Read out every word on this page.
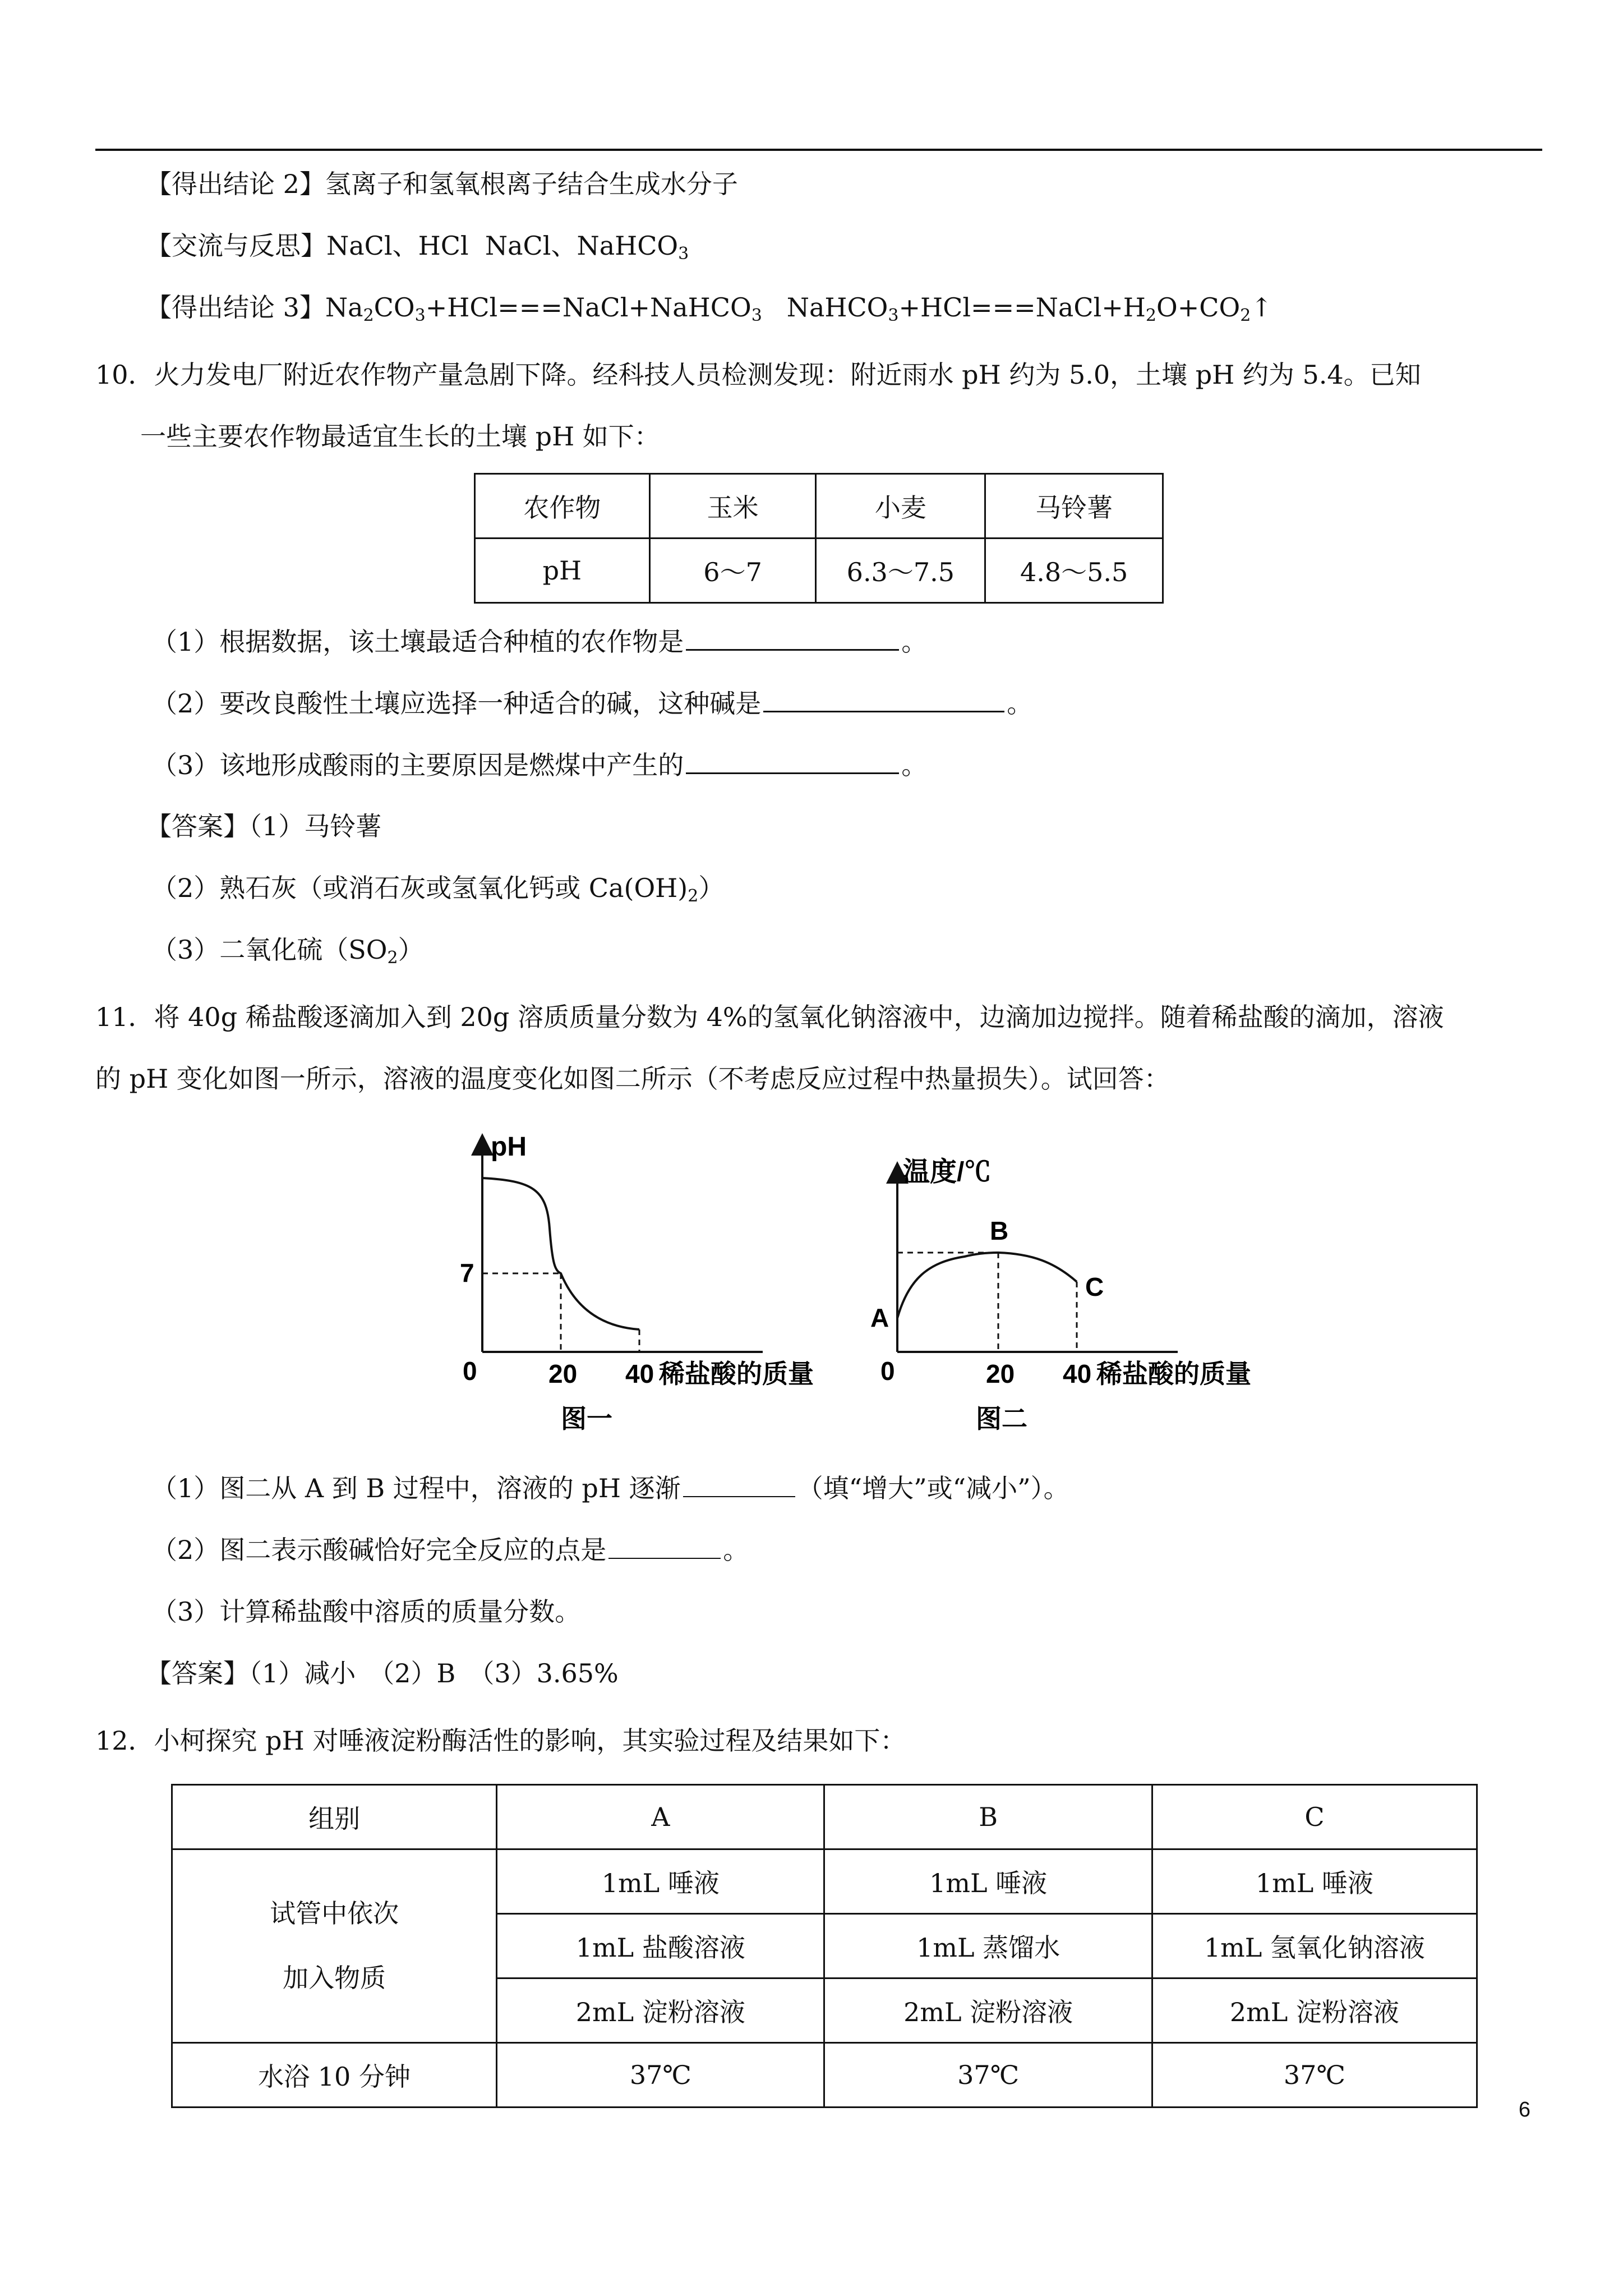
【得出结论 2】氢离子和氢氧根离子结合生成水分子
【交流与反思】NaCl、HCl NaCl、NaHCO$_3$
【得出结论 3】$Na_2CO_3+HCl===NaCl+NaHCO_3$ $NaHCO_3+HCl===NaCl+H_2O+CO_2↑$
10．火力发电厂附近农作物产量急剧下降。经科技人员检测发现：附近雨水 pH 约为 5.0，土壤 pH 约为 5.4。已知
一些主要农作物最适宜生长的土壤 pH 如下：
农作物	玉米	小麦	马铃薯
pH	6～7	6.3～7.5	4.8～5.5
（1）根据数据，该土壤最适合种植的农作物是	。
（2）要改良酸性土壤应选择一种适合的碱，这种碱是	。
（3）该地形成酸雨的主要原因是燃煤中产生的	。
【答案】（1）马铃薯
（2）熟石灰（或消石灰或氢氧化钙或 $Ca(OH)_2$）
（3）二氧化硫$(SO_2)$
11．将 40g 稀盐酸逐滴加入到 20g 溶质质量分数为 4%的氢氧化钠溶液中，边滴加边搅拌。随着稀盐酸的滴加，溶液
的 pH 变化如图一所示，溶液的温度变化如图二所示（不考虑反应过程中热量损失）。试回答：
pH
7
0	20 40 稀盐酸的质量
图一
温度/℃
A
B
C
0	20 40 稀盐酸的质量
图二
（1）图二从 A 到 B 过程中，溶液的 pH 逐渐	（填“增大”或“减小”）。
（2）图二表示酸碱恰好完全反应的点是	。
（3）计算稀盐酸中溶质的质量分数。
【答案】（1）减小　（2）B　（3）3.65%
12．小柯探究 pH 对唾液淀粉酶活性的影响，其实验过程及结果如下：
组别	A	B	C

试管中依次
加入物质	1mL 唾液	1mL 唾液	1mL 唾液
	1mL 盐酸溶液	1mL 蒸馏水	1mL 氢氧化钠溶液
	2mL 淀粉溶液	2mL 淀粉溶液	2mL 淀粉溶液
水浴 10 分钟	37℃	37℃	37℃
6
